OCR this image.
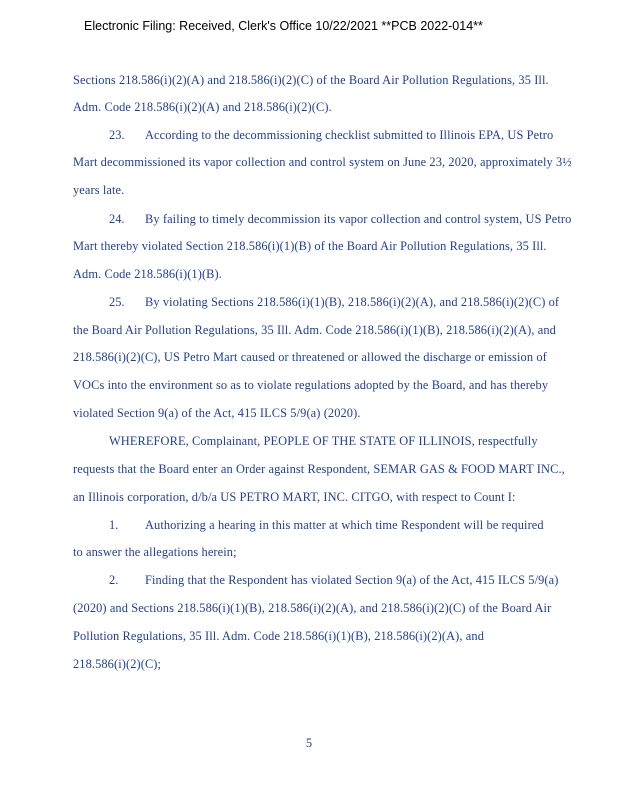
Electronic Filing: Received, Clerk's Office 10/22/2021 **PCB 2022-014**
Sections 218.586(i)(2)(A) and 218.586(i)(2)(C) of the Board Air Pollution Regulations, 35 Ill.
Adm. Code 218.586(i)(2)(A) and 218.586(i)(2)(C).
23. According to the decommissioning checklist submitted to Illinois EPA, US Petro
Mart decommissioned its vapor collection and control system on June 23, 2020, approximately 3½
years late.
24. By failing to timely decommission its vapor collection and control system, US Petro
Mart thereby violated Section 218.586(i)(1)(B) of the Board Air Pollution Regulations, 35 Ill.
Adm. Code 218.586(i)(1)(B).
25. By violating Sections 218.586(i)(1)(B), 218.586(i)(2)(A), and 218.586(i)(2)(C) of
the Board Air Pollution Regulations, 35 Ill. Adm. Code 218.586(i)(1)(B), 218.586(i)(2)(A), and
218.586(i)(2)(C), US Petro Mart caused or threatened or allowed the discharge or emission of
VOCs into the environment so as to violate regulations adopted by the Board, and has thereby
violated Section 9(a) of the Act, 415 ILCS 5/9(a) (2020).
WHEREFORE, Complainant, PEOPLE OF THE STATE OF ILLINOIS, respectfully
requests that the Board enter an Order against Respondent, SEMAR GAS & FOOD MART INC.,
an Illinois corporation, d/b/a US PETRO MART, INC. CITGO, with respect to Count I:
1. Authorizing a hearing in this matter at which time Respondent will be required
to answer the allegations herein;
2. Finding that the Respondent has violated Section 9(a) of the Act, 415 ILCS 5/9(a)
(2020) and Sections 218.586(i)(1)(B), 218.586(i)(2)(A), and 218.586(i)(2)(C) of the Board Air
Pollution Regulations, 35 Ill. Adm. Code 218.586(i)(1)(B), 218.586(i)(2)(A), and
218.586(i)(2)(C);
5
